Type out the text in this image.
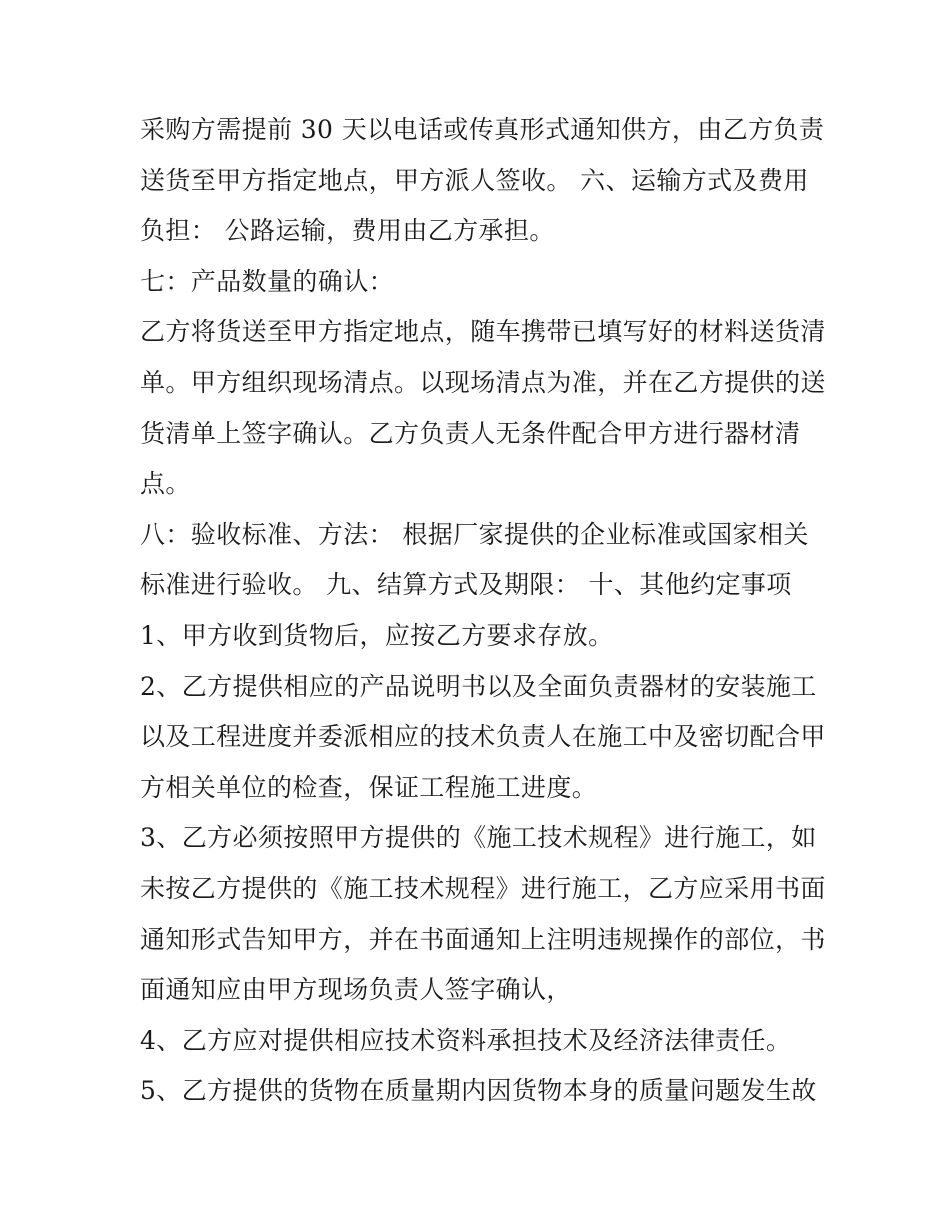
采购方需提前 30 天以电话或传真形式通知供方，由乙方负责
送货至甲方指定地点，甲方派人签收。 六、运输方式及费用
负担： 公路运输，费用由乙方承担。
七：产品数量的确认：
乙方将货送至甲方指定地点，随车携带已填写好的材料送货清
单。甲方组织现场清点。以现场清点为准，并在乙方提供的送
货清单上签字确认。乙方负责人无条件配合甲方进行器材清
点。
八：验收标准、方法： 根据厂家提供的企业标准或国家相关
标准进行验收。 九、结算方式及期限： 十、其他约定事项
1、甲方收到货物后，应按乙方要求存放。
2、乙方提供相应的产品说明书以及全面负责器材的安装施工
以及工程进度并委派相应的技术负责人在施工中及密切配合甲
方相关单位的检查，保证工程施工进度。
3、乙方必须按照甲方提供的《施工技术规程》进行施工，如
未按乙方提供的《施工技术规程》进行施工，乙方应采用书面
通知形式告知甲方，并在书面通知上注明违规操作的部位，书
面通知应由甲方现场负责人签字确认，
4、乙方应对提供相应技术资料承担技术及经济法律责任。
5、乙方提供的货物在质量期内因货物本身的质量问题发生故
